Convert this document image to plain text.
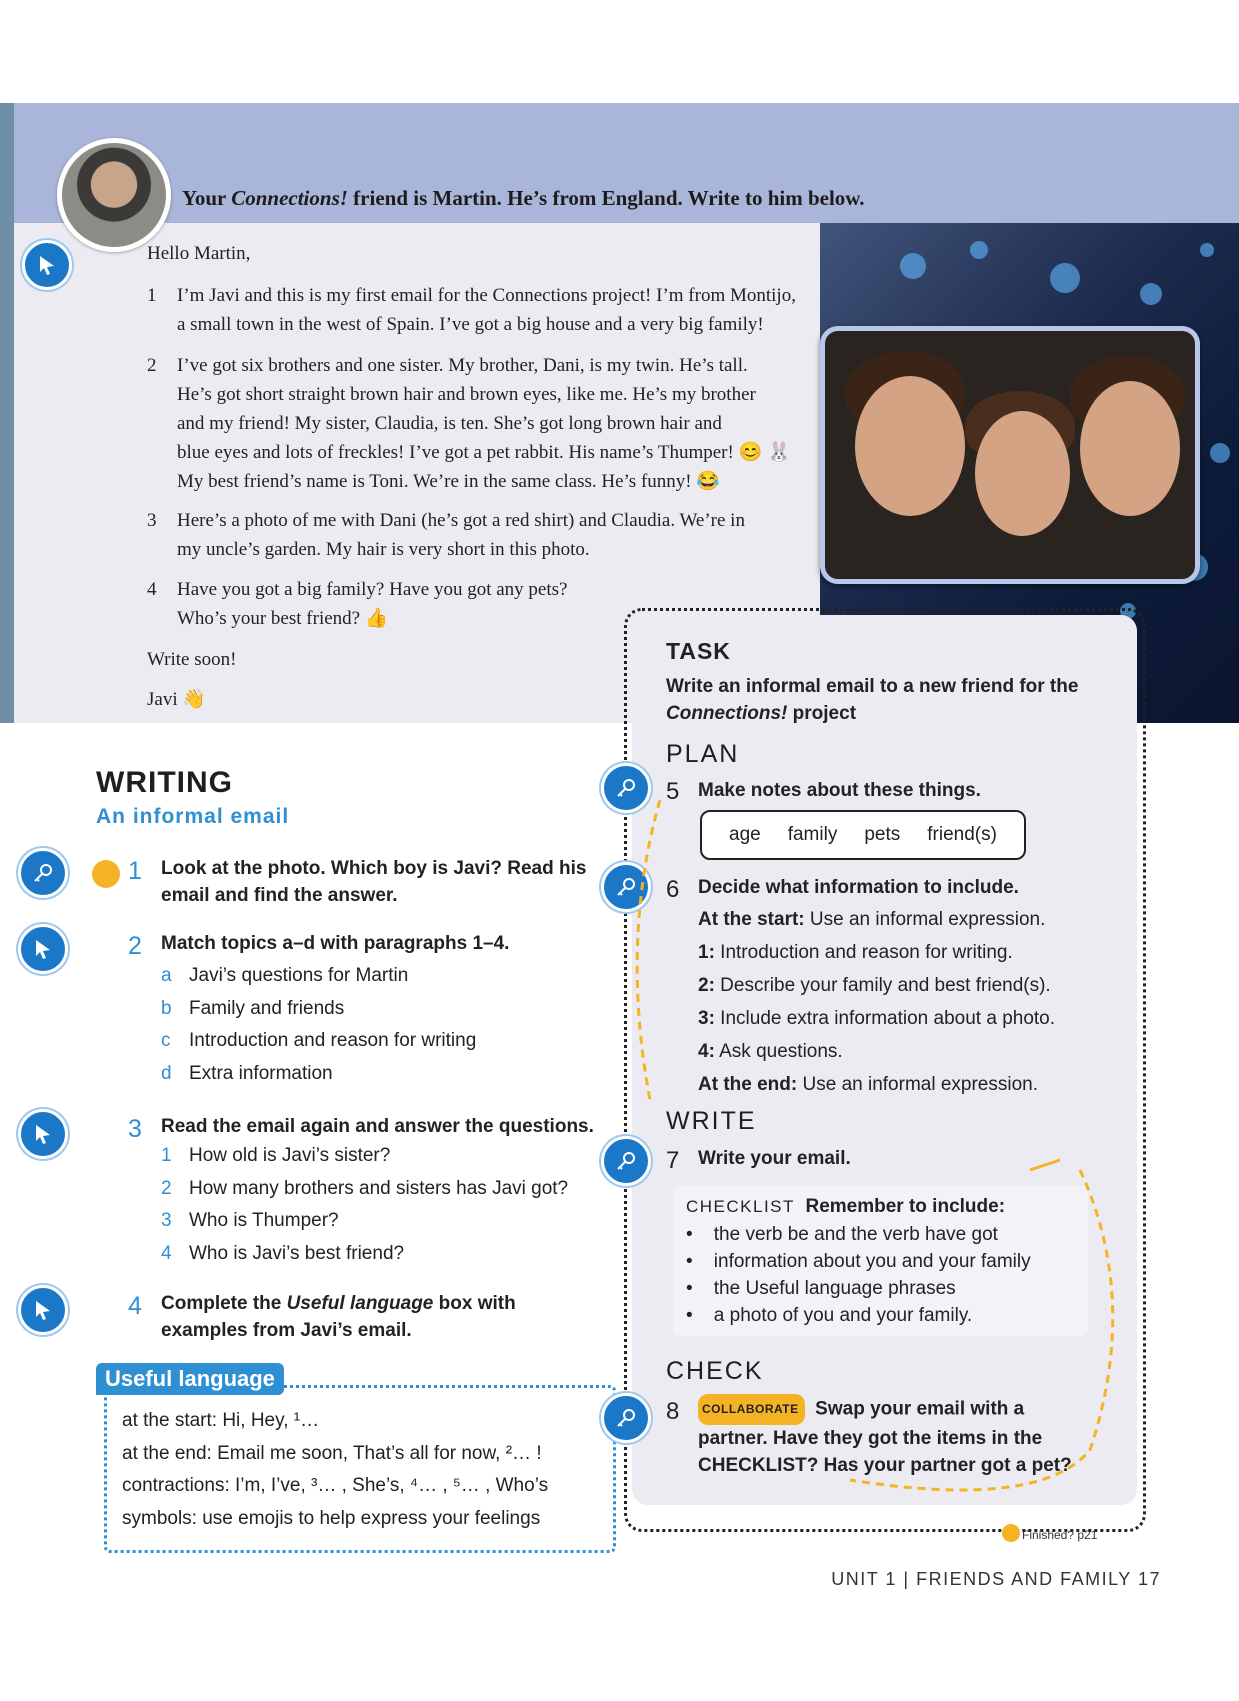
Your Connections! friend is Martin. He’s from England. Write to him below.
Hello Martin,
1 I’m Javi and this is my first email for the Connections project! I’m from Montijo,
a small town in the west of Spain. I’ve got a big house and a very big family!
2 I’ve got six brothers and one sister. My brother, Dani, is my twin. He’s tall.
He’s got short straight brown hair and brown eyes, like me. He’s my brother
and my friend! My sister, Claudia, is ten. She’s got long brown hair and
blue eyes and lots of freckles! I’ve got a pet rabbit. His name’s Thumper! 😊 🐰
My best friend’s name is Toni. We’re in the same class. He’s funny! 😂
3 Here’s a photo of me with Dani (he’s got a red shirt) and Claudia. We’re in
my uncle’s garden. My hair is very short in this photo.
4 Have you got a big family? Have you got any pets?
Who’s your best friend? 👍
Write soon!
Javi 👋
WRITING
An informal email
1 Look at the photo. Which boy is Javi? Read his
email and find the answer.
2 Match topics a–d with paragraphs 1–4.
a Javi’s questions for Martin
b Family and friends
c Introduction and reason for writing
d Extra information
3 Read the email again and answer the questions.
1 How old is Javi’s sister?
2 How many brothers and sisters has Javi got?
3 Who is Thumper?
4 Who is Javi’s best friend?
4 Complete the Useful language box with
examples from Javi’s email.
Useful language
at the start: Hi, Hey, ¹…
at the end: Email me soon, That’s all for now, ²… !
contractions: I’m, I’ve, ³… , She’s, ⁴… , ⁵… , Who’s
symbols: use emojis to help express your feelings
TASK
Write an informal email to a new friend for the
Connections! project
PLAN
5 Make notes about these things.
age family pets friend(s)
6 Decide what information to include.
At the start: Use an informal expression.
1: Introduction and reason for writing.
2: Describe your family and best friend(s).
3: Include extra information about a photo.
4: Ask questions.
At the end: Use an informal expression.
WRITE
7 Write your email.
CHECKLIST Remember to include:
•    the verb be and the verb have got
•    information about you and your family
•    the Useful language phrases
•    a photo of you and your family.
CHECK
8	COLLABORATE Swap your email with a
partner. Have they got the items in the
CHECKLIST? Has your partner got a pet?
Finished? p21
UNIT 1 | FRIENDS AND FAMILY 17
